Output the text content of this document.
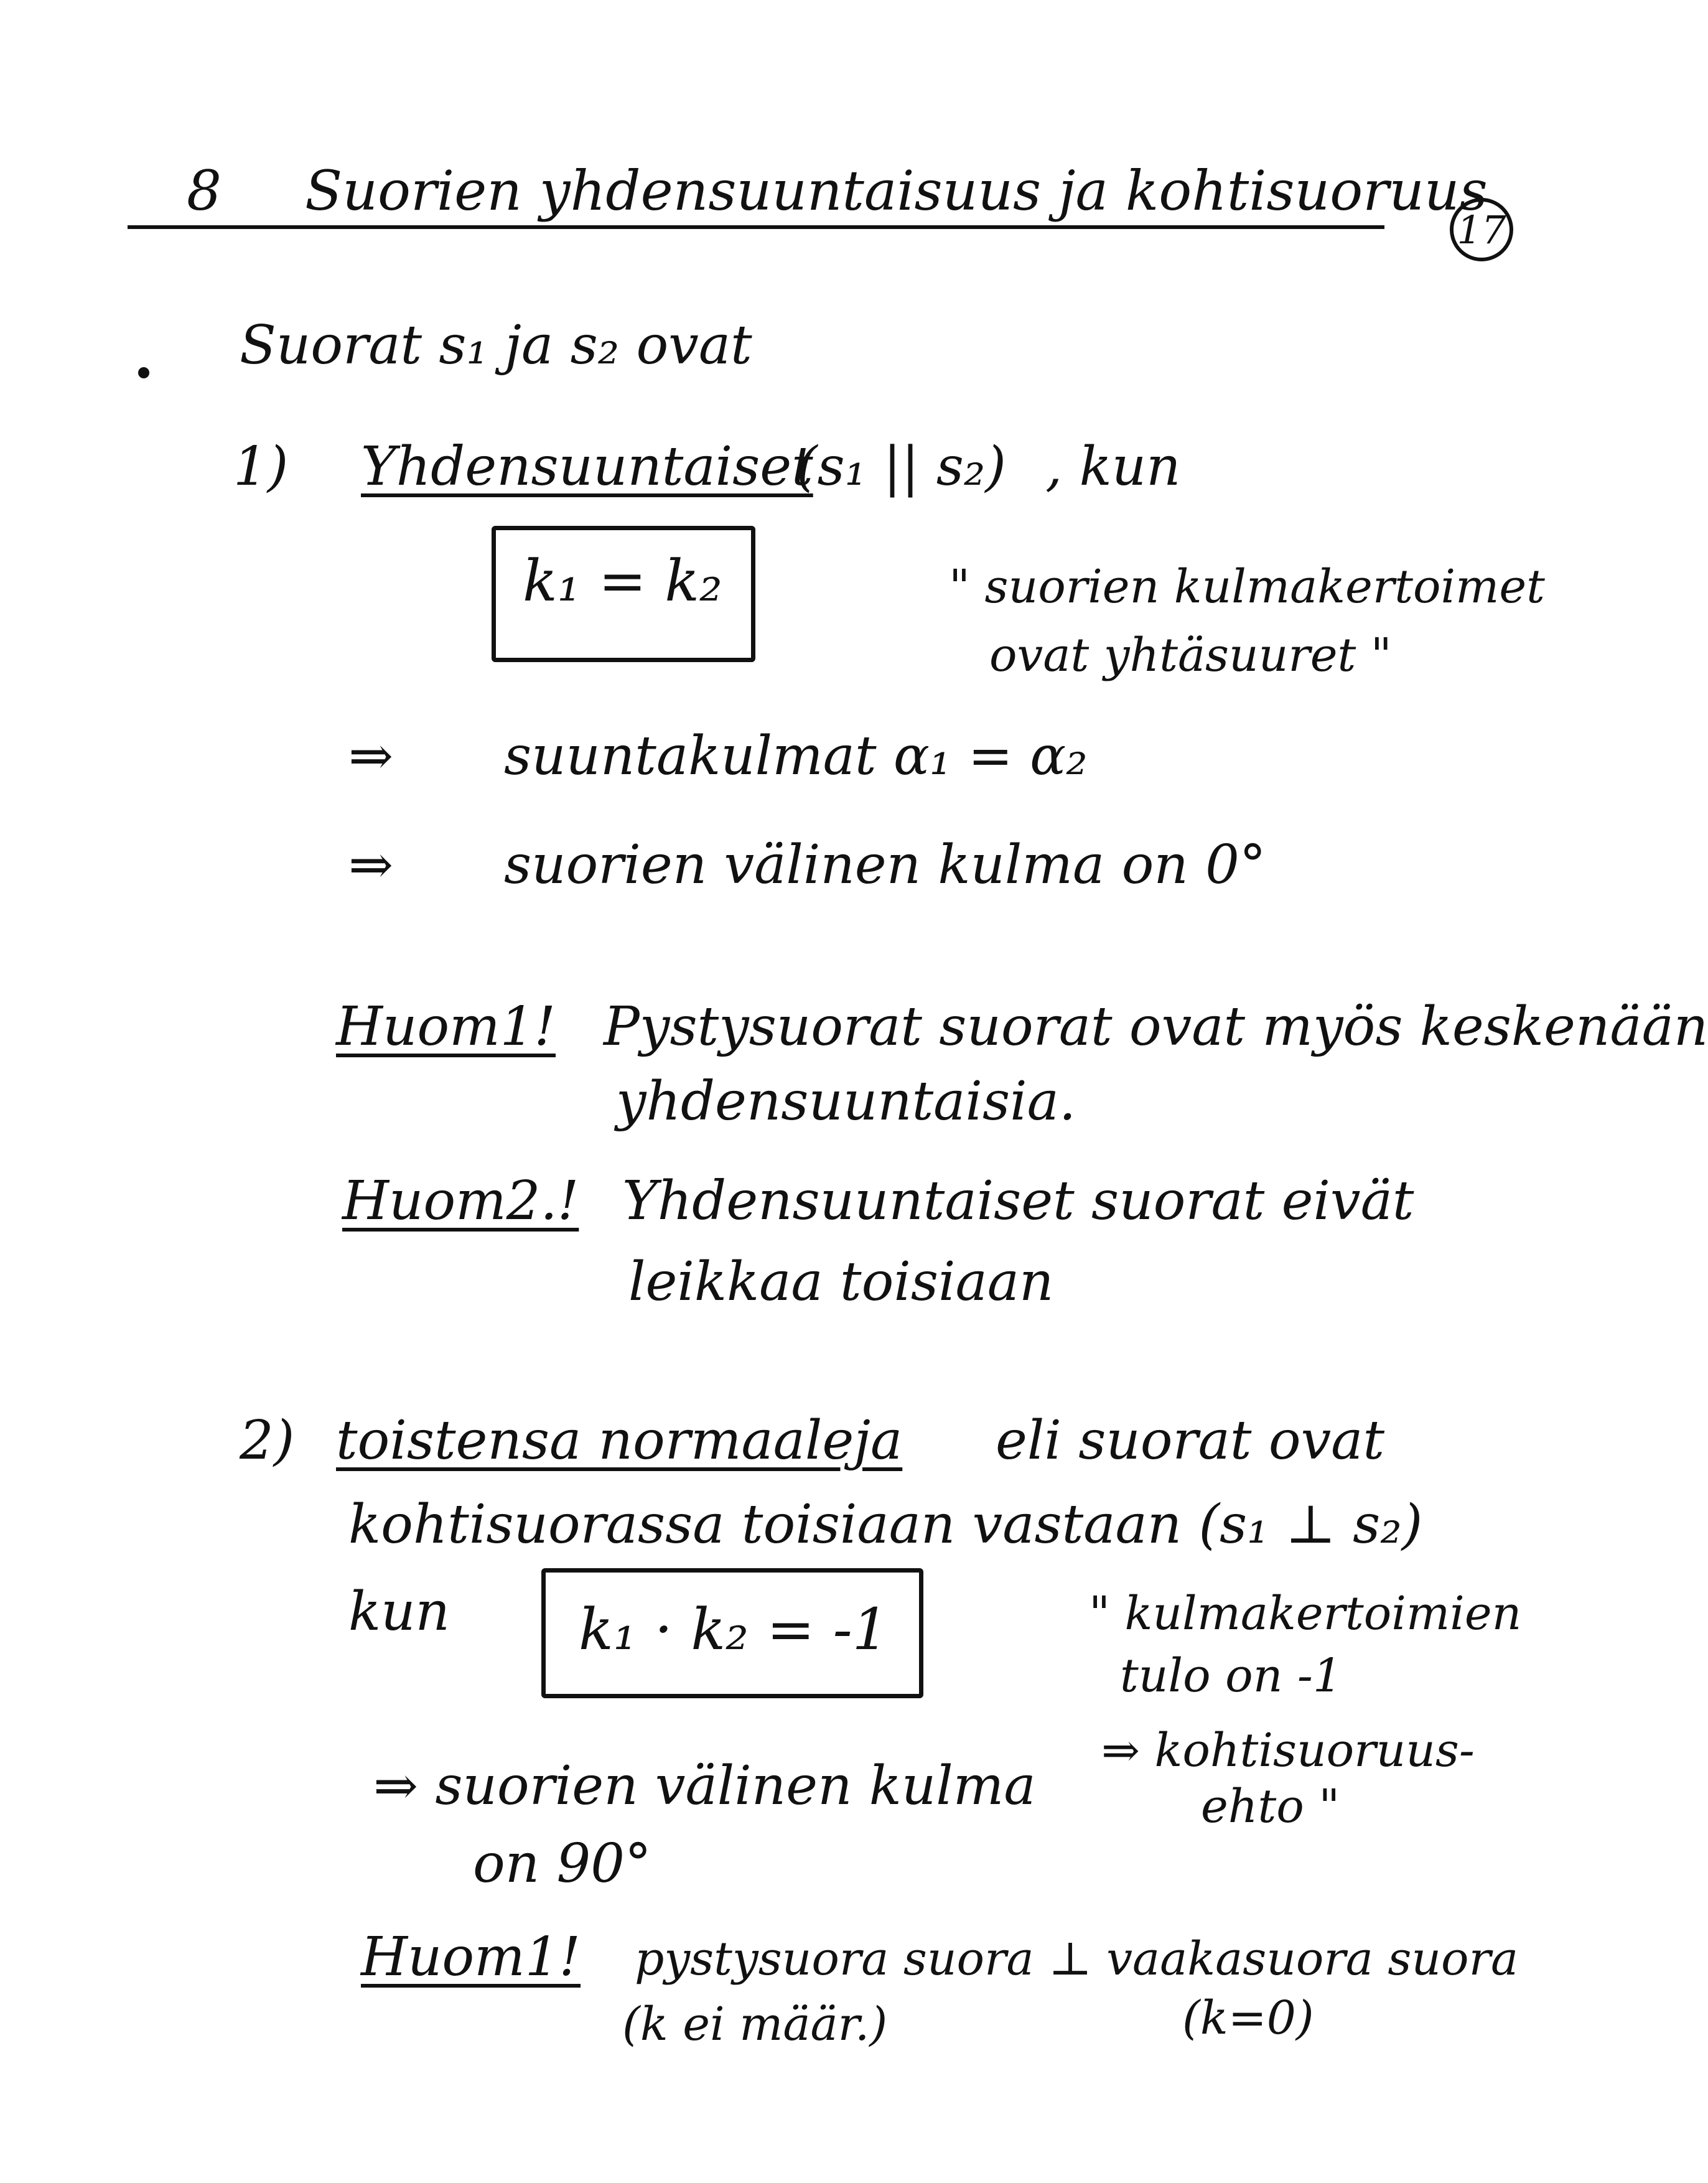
8 Suorien yhdensuuntaisuus ja kohtisuoruus
17
Suorat s₁ ja s₂ ovat
1) Yhdensuuntaiset
(s₁ || s₂) , kun
k₁ = k₂	" suorien kulmakertoimet
ovat yhtäsuuret "
⇒ suuntakulmat α₁ = α₂
⇒ suorien välinen kulma on 0°
Huom1! Pystysuorat suorat ovat myös keskenään
yhdensuuntaisia.
Huom2.! Yhdensuuntaiset suorat eivät
leikkaa toisiaan
2) toistensa normaaleja eli suorat ovat
kohtisuorassa toisiaan vastaan (s₁ ⊥ s₂)
kun k₁ · k₂ = -1	" kulmakertoimien
tulo on -1
⇒ kohtisuoruus-
ehto "
⇒ suorien välinen kulma
on 90°
Huom1! pystysuora suora ⊥ vaakasuora suora
(k ei määr.)	(k=0)
